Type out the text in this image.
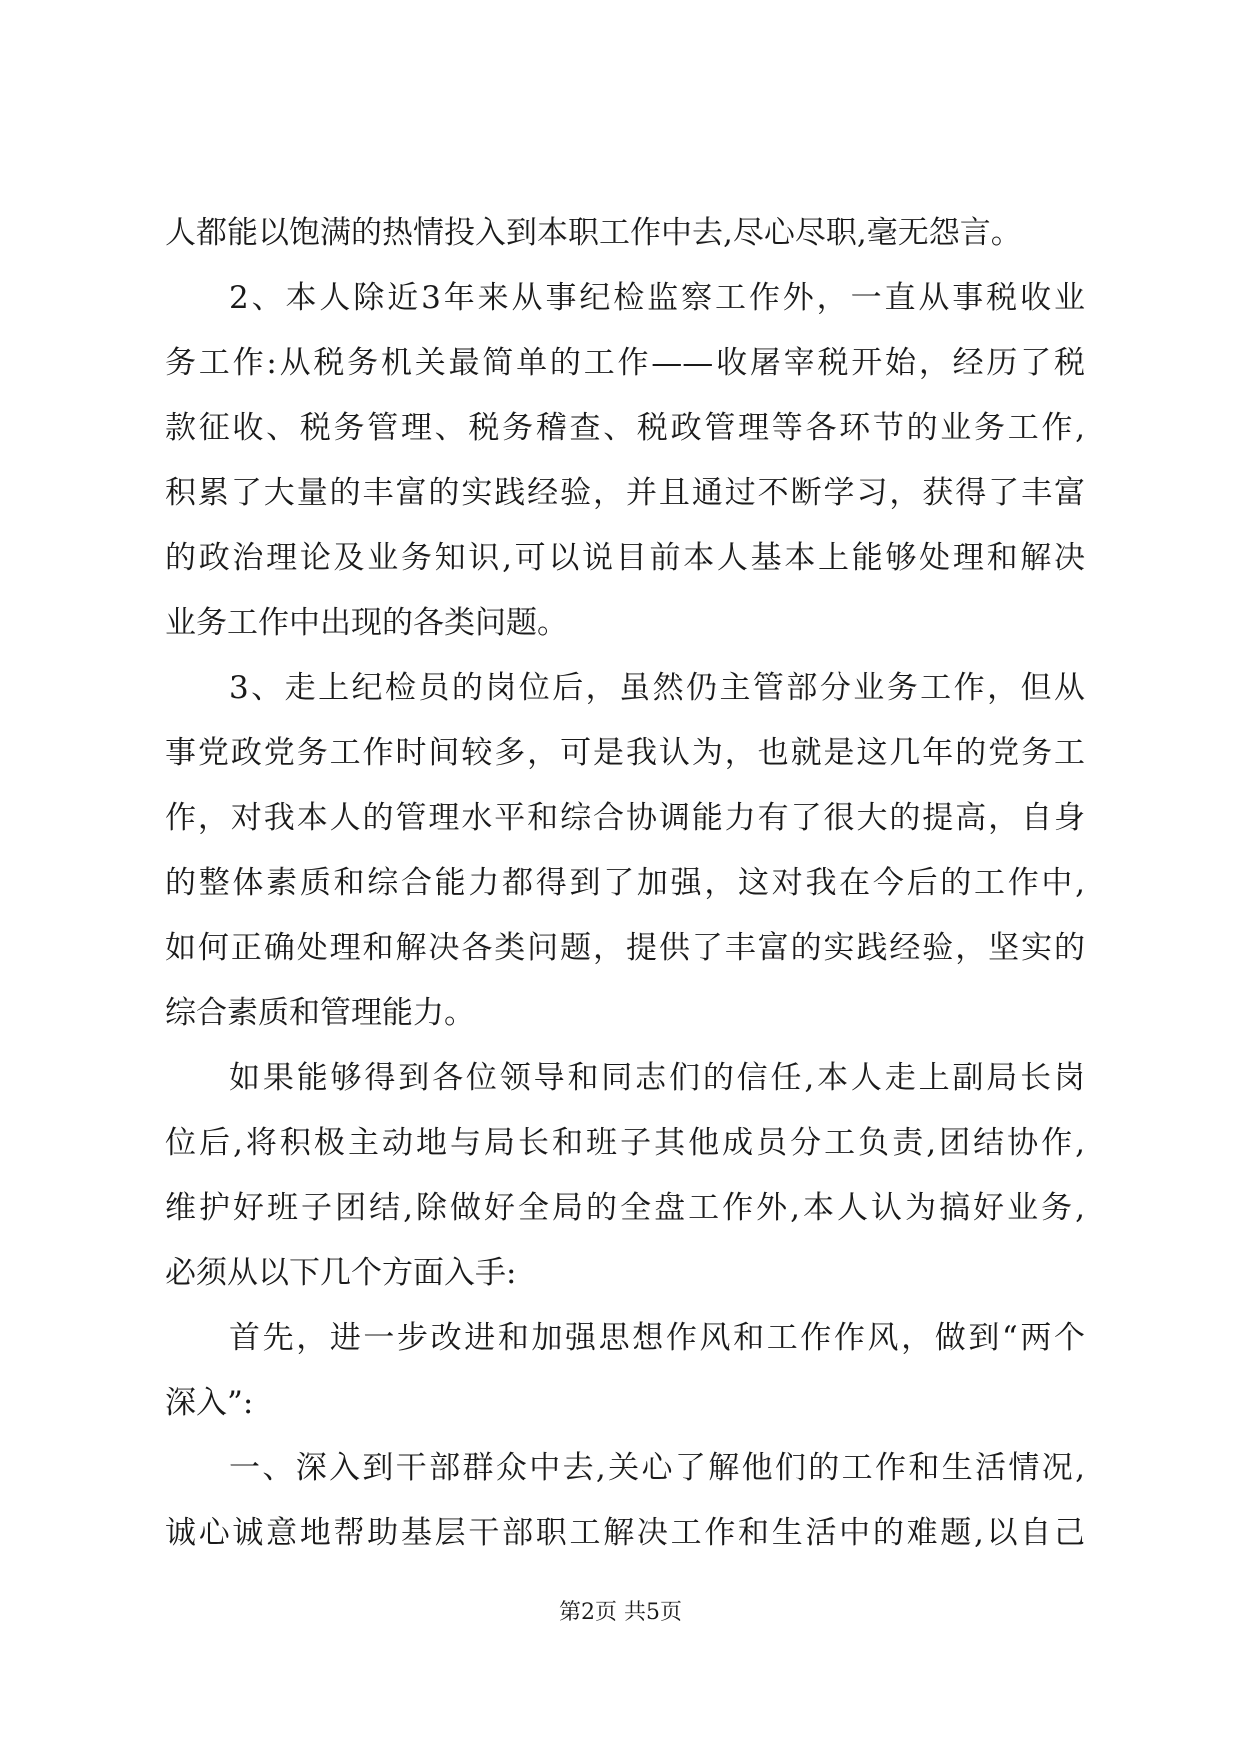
人都能以饱满的热情投入到本职工作中去,尽心尽职,毫无怨言。
2、本人除近3年来从事纪检监察工作外，一直从事税收业
务工作:从税务机关最简单的工作——收屠宰税开始，经历了税
款征收、税务管理、税务稽查、税政管理等各环节的业务工作,
积累了大量的丰富的实践经验，并且通过不断学习，获得了丰富
的政治理论及业务知识,可以说目前本人基本上能够处理和解决
业务工作中出现的各类问题。
3、走上纪检员的岗位后，虽然仍主管部分业务工作，但从
事党政党务工作时间较多，可是我认为，也就是这几年的党务工
作，对我本人的管理水平和综合协调能力有了很大的提高，自身
的整体素质和综合能力都得到了加强，这对我在今后的工作中,
如何正确处理和解决各类问题，提供了丰富的实践经验，坚实的
综合素质和管理能力。
如果能够得到各位领导和同志们的信任,本人走上副局长岗
位后,将积极主动地与局长和班子其他成员分工负责,团结协作,
维护好班子团结,除做好全局的全盘工作外,本人认为搞好业务,
必须从以下几个方面入手:
首先，进一步改进和加强思想作风和工作作风，做到“两个
深入”:
一、深入到干部群众中去,关心了解他们的工作和生活情况,
诚心诚意地帮助基层干部职工解决工作和生活中的难题,以自己
第2页 共5页
